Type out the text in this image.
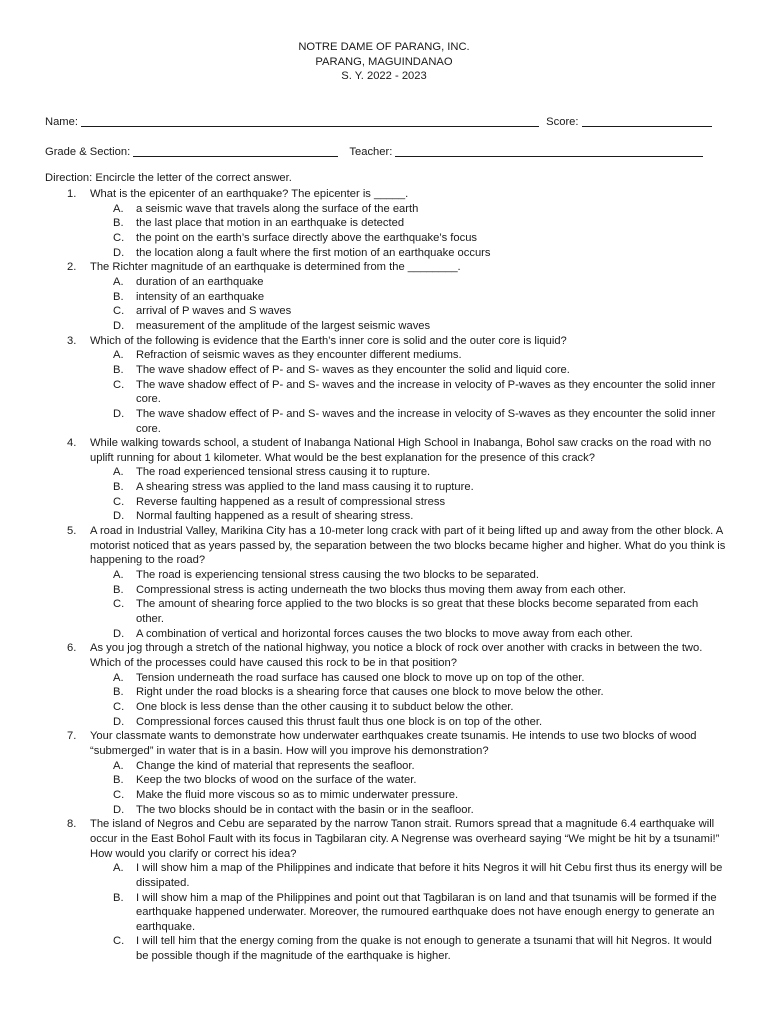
NOTRE DAME OF PARANG, INC.
PARANG, MAGUINDANAO
S. Y. 2022 - 2023
Name:	Score:
Grade & Section:	Teacher:
Direction: Encircle the letter of the correct answer.
1. What is the epicenter of an earthquake? The epicenter is _____.
A. a seismic wave that travels along the surface of the earth
B. the last place that motion in an earthquake is detected
C. the point on the earth’s surface directly above the earthquake’s focus
D. the location along a fault where the first motion of an earthquake occurs
2. The Richter magnitude of an earthquake is determined from the ________.
A. duration of an earthquake
B. intensity of an earthquake
C. arrival of P waves and S waves
D. measurement of the amplitude of the largest seismic waves
3. Which of the following is evidence that the Earth’s inner core is solid and the outer core is liquid?
A. Refraction of seismic waves as they encounter different mediums.
B. The wave shadow effect of P- and S- waves as they encounter the solid and liquid core.
C. The wave shadow effect of P- and S- waves and the increase in velocity of P-waves as they encounter the solid inner core.
D. The wave shadow effect of P- and S- waves and the increase in velocity of S-waves as they encounter the solid inner core.
4. While walking towards school, a student of Inabanga National High School in Inabanga, Bohol saw cracks on the road with no uplift running for about 1 kilometer. What would be the best explanation for the presence of this crack?
A. The road experienced tensional stress causing it to rupture.
B. A shearing stress was applied to the land mass causing it to rupture.
C. Reverse faulting happened as a result of compressional stress
D. Normal faulting happened as a result of shearing stress.
5. A road in Industrial Valley, Marikina City has a 10-meter long crack with part of it being lifted up and away from the other block. A motorist noticed that as years passed by, the separation between the two blocks became higher and higher. What do you think is happening to the road?
A. The road is experiencing tensional stress causing the two blocks to be separated.
B. Compressional stress is acting underneath the two blocks thus moving them away from each other.
C. The amount of shearing force applied to the two blocks is so great that these blocks become separated from each other.
D. A combination of vertical and horizontal forces causes the two blocks to move away from each other.
6. As you jog through a stretch of the national highway, you notice a block of rock over another with cracks in between the two. Which of the processes could have caused this rock to be in that position?
A. Tension underneath the road surface has caused one block to move up on top of the other.
B. Right under the road blocks is a shearing force that causes one block to move below the other.
C. One block is less dense than the other causing it to subduct below the other.
D. Compressional forces caused this thrust fault thus one block is on top of the other.
7. Your classmate wants to demonstrate how underwater earthquakes create tsunamis. He intends to use two blocks of wood “submerged” in water that is in a basin. How will you improve his demonstration?
A. Change the kind of material that represents the seafloor.
B. Keep the two blocks of wood on the surface of the water.
C. Make the fluid more viscous so as to mimic underwater pressure.
D. The two blocks should be in contact with the basin or in the seafloor.
8. The island of Negros and Cebu are separated by the narrow Tanon strait. Rumors spread that a magnitude 6.4 earthquake will occur in the East Bohol Fault with its focus in Tagbilaran city. A Negrense was overheard saying “We might be hit by a tsunami!” How would you clarify or correct his idea?
A. I will show him a map of the Philippines and indicate that before it hits Negros it will hit Cebu first thus its energy will be dissipated.
B. I will show him a map of the Philippines and point out that Tagbilaran is on land and that tsunamis will be formed if the earthquake happened underwater. Moreover, the rumoured earthquake does not have enough energy to generate an earthquake.
C. I will tell him that the energy coming from the quake is not enough to generate a tsunami that will hit Negros. It would be possible though if the magnitude of the earthquake is higher.
